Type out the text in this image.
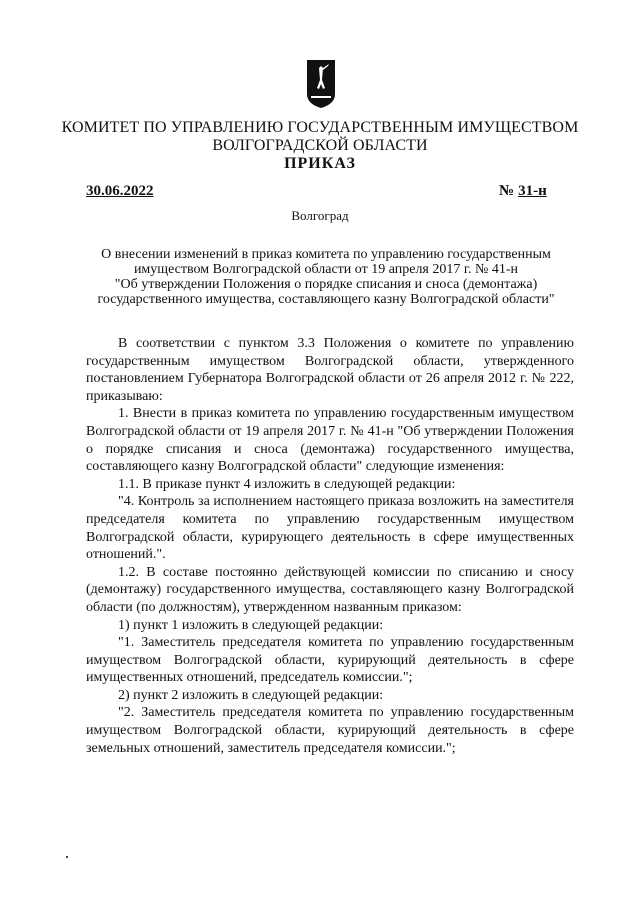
КОМИТЕТ ПО УПРАВЛЕНИЮ ГОСУДАРСТВЕННЫМ ИМУЩЕСТВОМ
ВОЛГОГРАДСКОЙ ОБЛАСТИ
ПРИКАЗ
30.06.2022	№ 31-н
Волгоград
О внесении изменений в приказ комитета по управлению государственным
имуществом Волгоградской области от 19 апреля 2017 г. № 41-н
"Об утверждении Положения о порядке списания и сноса (демонтажа)
государственного имущества, составляющего казну Волгоградской области"

В соответствии с пунктом 3.3 Положения о комитете по управлению государственным имуществом Волгоградской области, утвержденного постановлением Губернатора Волгоградской области от 26 апреля 2012 г. № 222, приказываю:

1. Внести в приказ комитета по управлению государственным имуществом Волгоградской области от 19 апреля 2017 г. № 41-н "Об утверждении Положения о порядке списания и сноса (демонтажа) государственного имущества, составляющего казну Волгоградской области" следующие изменения:

1.1. В приказе пункт 4 изложить в следующей редакции:

"4. Контроль за исполнением настоящего приказа возложить на заместителя председателя комитета по управлению государственным имуществом Волгоградской области, курирующего деятельность в сфере имущественных отношений.".

1.2. В составе постоянно действующей комиссии по списанию и сносу (демонтажу) государственного имущества, составляющего казну Волгоградской области (по должностям), утвержденном названным приказом:

1) пункт 1 изложить в следующей редакции:

"1. Заместитель председателя комитета по управлению государственным имуществом Волгоградской области, курирующий деятельность в сфере имущественных отношений, председатель комиссии.";

2) пункт 2 изложить в следующей редакции:

"2. Заместитель председателя комитета по управлению государственным имуществом Волгоградской области, курирующий деятельность в сфере земельных отношений, заместитель председателя комиссии.";
